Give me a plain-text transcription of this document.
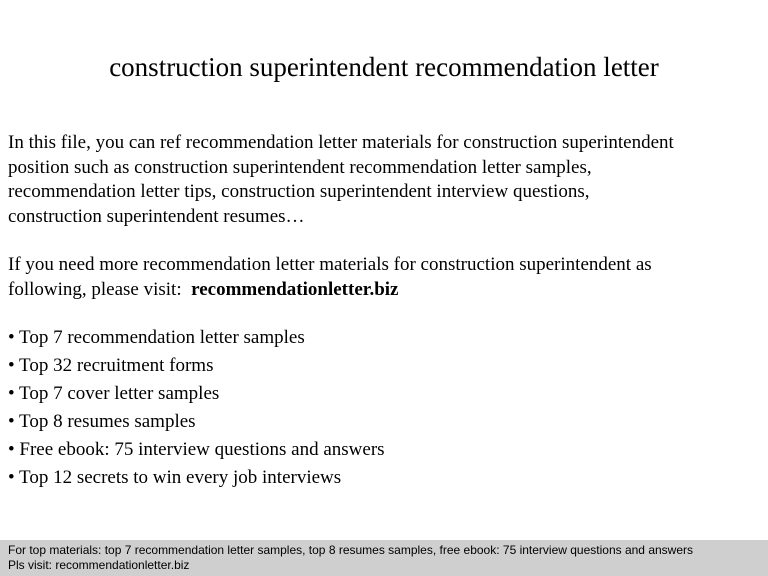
construction superintendent recommendation letter
In this file, you can ref recommendation letter materials for construction superintendent
position such as construction superintendent recommendation letter samples,
recommendation letter tips, construction superintendent interview questions,
construction superintendent resumes…
If you need more recommendation letter materials for construction superintendent as
following, please visit: recommendationletter.biz
• Top 7 recommendation letter samples
• Top 32 recruitment forms
• Top 7 cover letter samples
• Top 8 resumes samples
• Free ebook: 75 interview questions and answers
• Top 12 secrets to win every job interviews
For top materials: top 7 recommendation letter samples, top 8 resumes samples, free ebook: 75 interview questions and answers
Pls visit: recommendationletter.biz
